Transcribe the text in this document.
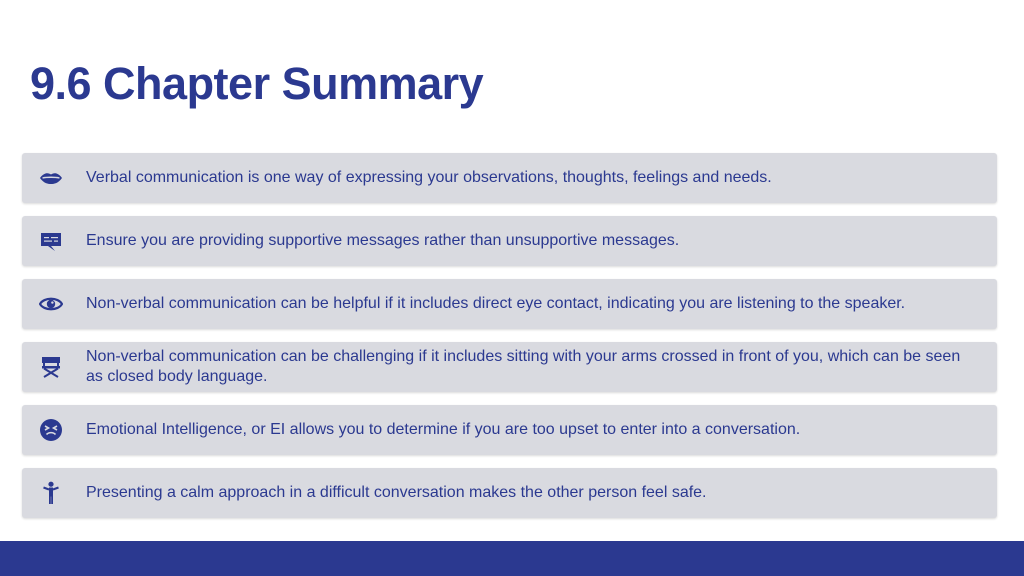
9.6 Chapter Summary
Verbal communication is one way of expressing your observations, thoughts, feelings and needs.
Ensure you are providing supportive messages rather than unsupportive messages.
Non-verbal communication can be helpful if it includes direct eye contact, indicating you are listening to the speaker.
Non-verbal communication can be challenging if it includes sitting with your arms crossed in front of you, which can be seen as closed body language.
Emotional Intelligence, or EI allows you to determine if you are too upset to enter into a conversation.
Presenting a calm approach in a difficult conversation makes the other person feel safe.
